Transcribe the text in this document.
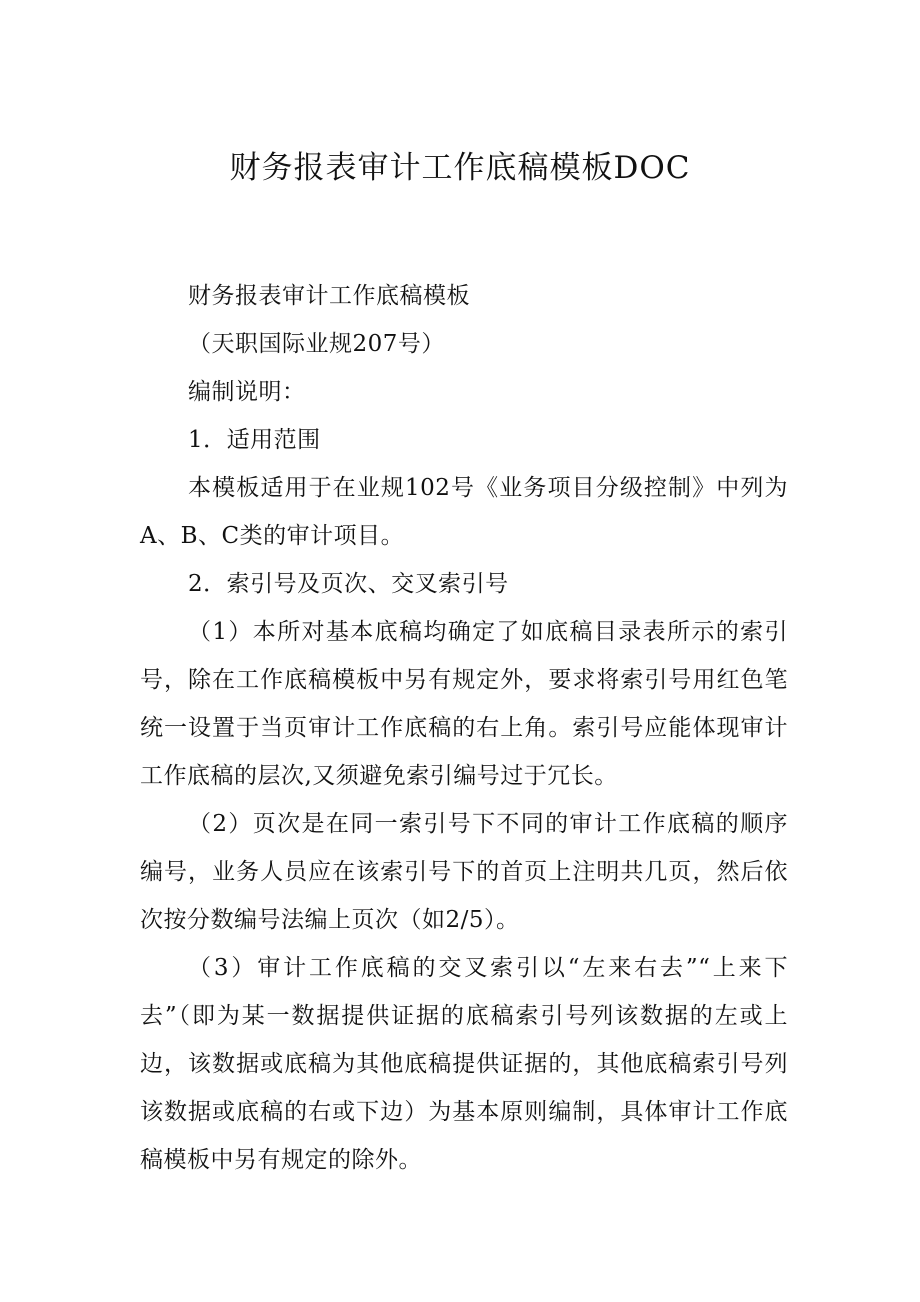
财务报表审计工作底稿模板DOC

财务报表审计工作底稿模板

（天职国际业规207号）

编制说明：

1．适用范围

本模板适用于在业规102号《业务项目分级控制》中列为A、B、C类的审计项目。

2．索引号及页次、交叉索引号

（1）本所对基本底稿均确定了如底稿目录表所示的索引号，除在工作底稿模板中另有规定外，要求将索引号用红色笔统一设置于当页审计工作底稿的右上角。索引号应能体现审计工作底稿的层次,又须避免索引编号过于冗长。

（2）页次是在同一索引号下不同的审计工作底稿的顺序编号，业务人员应在该索引号下的首页上注明共几页，然后依次按分数编号法编上页次（如2/5）。

（3）审计工作底稿的交叉索引以“左来右去”“上来下去”（即为某一数据提供证据的底稿索引号列该数据的左或上边，该数据或底稿为其他底稿提供证据的，其他底稿索引号列该数据或底稿的右或下边）为基本原则编制，具体审计工作底稿模板中另有规定的除外。
